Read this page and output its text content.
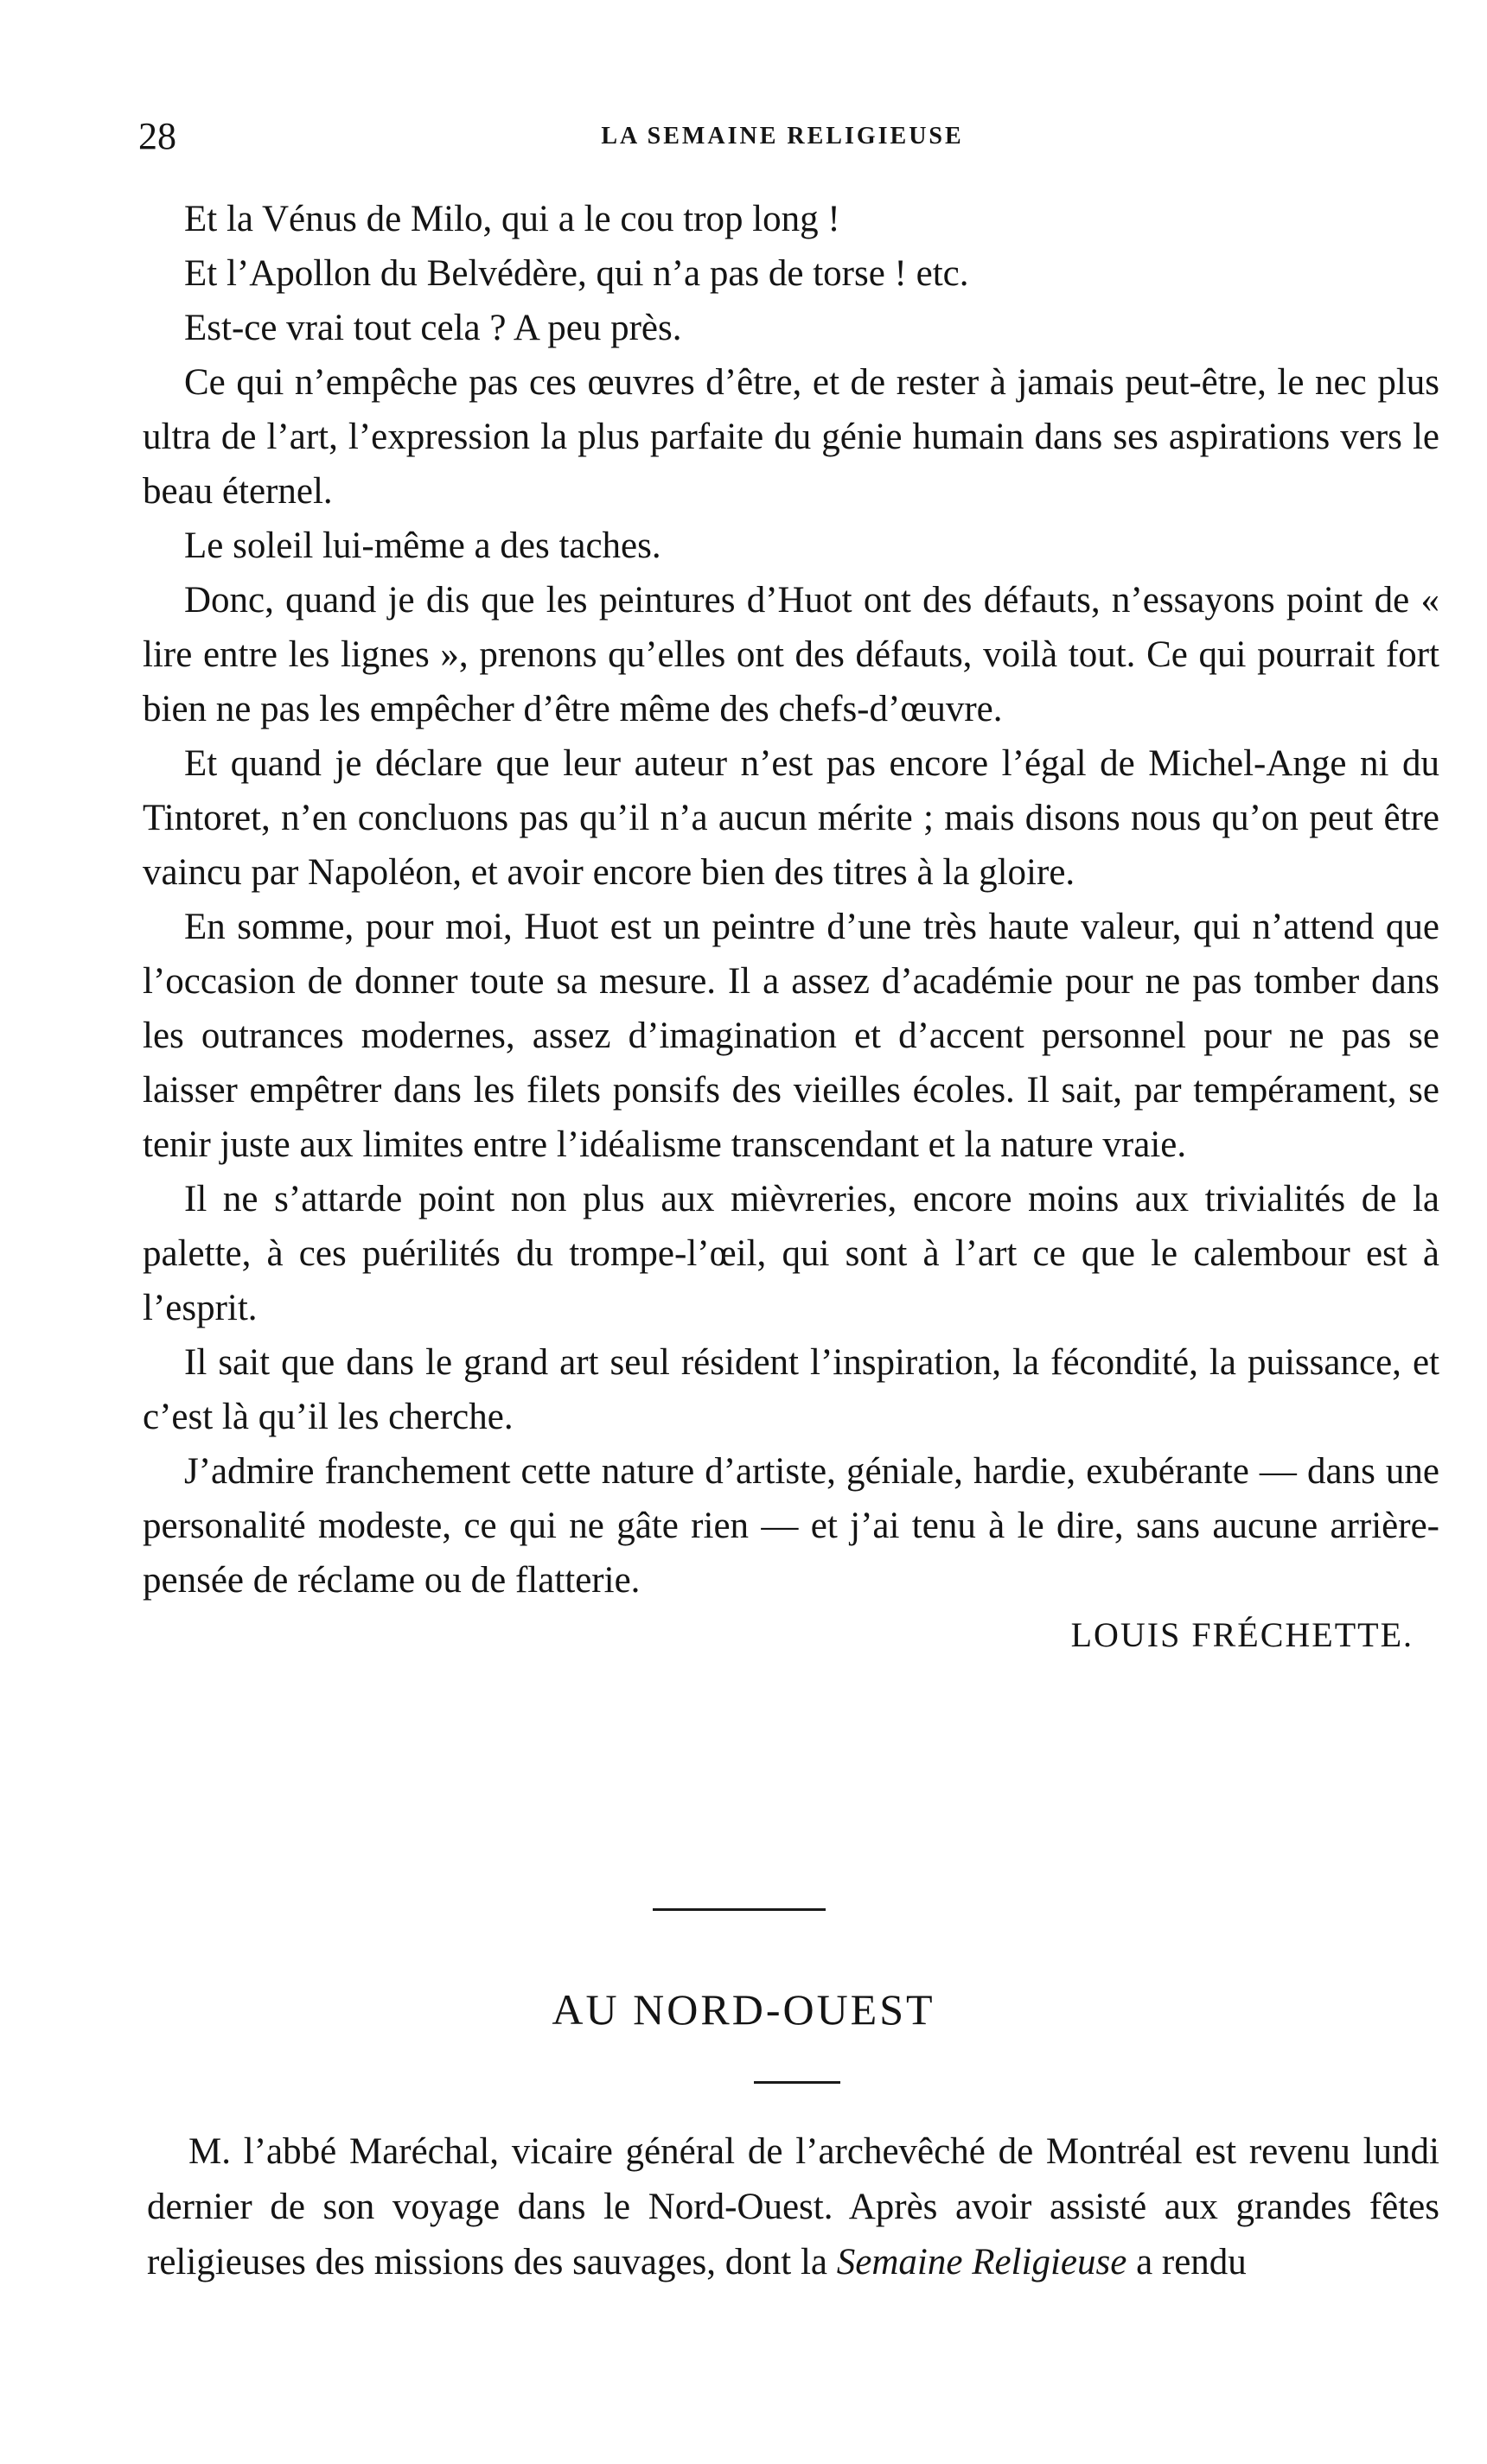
28	LA SEMAINE RELIGIEUSE

Et la Vénus de Milo, qui a le cou trop long !

Et l’Apollon du Belvédère, qui n’a pas de torse ! etc.

Est-ce vrai tout cela ? A peu près.

Ce qui n’empêche pas ces œuvres d’être, et de rester à jamais peut-être, le nec plus ultra de l’art, l’expression la plus parfaite du génie humain dans ses aspirations vers le beau éternel.

Le soleil lui-même a des taches.

Donc, quand je dis que les peintures d’Huot ont des défauts, n’essayons point de « lire entre les lignes », prenons qu’elles ont des défauts, voilà tout. Ce qui pourrait fort bien ne pas les empêcher d’être même des chefs-d’œuvre.

Et quand je déclare que leur auteur n’est pas encore l’égal de Michel-Ange ni du Tintoret, n’en concluons pas qu’il n’a aucun mérite ; mais disons nous qu’on peut être vaincu par Napoléon, et avoir encore bien des titres à la gloire.

En somme, pour moi, Huot est un peintre d’une très haute valeur, qui n’attend que l’occasion de donner toute sa mesure. Il a assez d’académie pour ne pas tomber dans les outrances modernes, assez d’imagination et d’accent personnel pour ne pas se laisser empêtrer dans les filets ponsifs des vieilles écoles. Il sait, par tempérament, se tenir juste aux limites entre l’idéalisme transcendant et la nature vraie.

Il ne s’attarde point non plus aux mièvreries, encore moins aux trivialités de la palette, à ces puérilités du trompe-l’œil, qui sont à l’art ce que le calembour est à l’esprit.

Il sait que dans le grand art seul résident l’inspiration, la fécondité, la puissance, et c’est là qu’il les cherche.

J’admire franchement cette nature d’artiste, géniale, hardie, exubérante — dans une personalité modeste, ce qui ne gâte rien — et j’ai tenu à le dire, sans aucune arrière-pensée de réclame ou de flatterie.

LOUIS FRÉCHETTE.
AU NORD-OUEST

M. l’abbé Maréchal, vicaire général de l’archevêché de Montréal est revenu lundi dernier de son voyage dans le Nord-Ouest. Après avoir assisté aux grandes fêtes religieuses des missions des sauvages, dont la Semaine Religieuse a rendu
